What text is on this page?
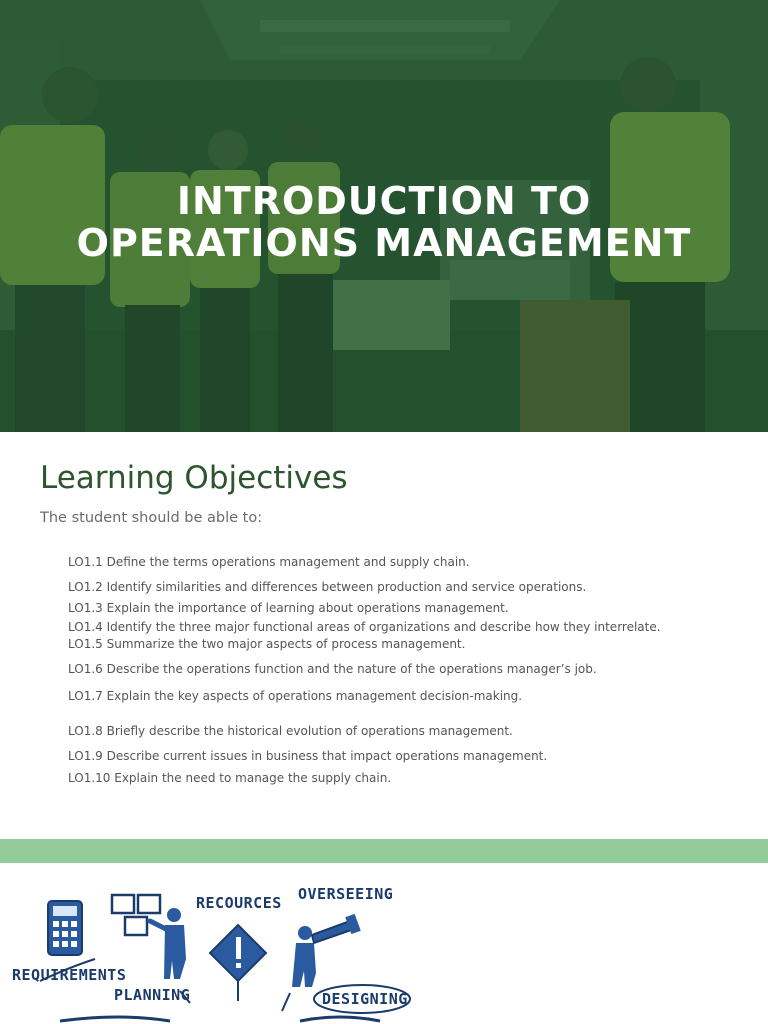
INTRODUCTION TO
OPERATIONS MANAGEMENT
Learning Objectives
The student should be able to:
LO1.1 Define the terms operations management and supply chain.
LO1.2 Identify similarities and differences between production and service operations.
LO1.3 Explain the importance of learning about operations management.
LO1.4 Identify the three major functional areas of organizations and describe how they interrelate.
LO1.5 Summarize the two major aspects of process management.
LO1.6 Describe the operations function and the nature of the operations manager’s job.
LO1.7 Explain the key aspects of operations management decision-making.
LO1.8 Briefly describe the historical evolution of operations management.
LO1.9 Describe current issues in business that impact operations management.
LO1.10 Explain the need to manage the supply chain.
RECOURCES OVERSEEING
REQUIREMENTS
PLANNING	DESIGNING
